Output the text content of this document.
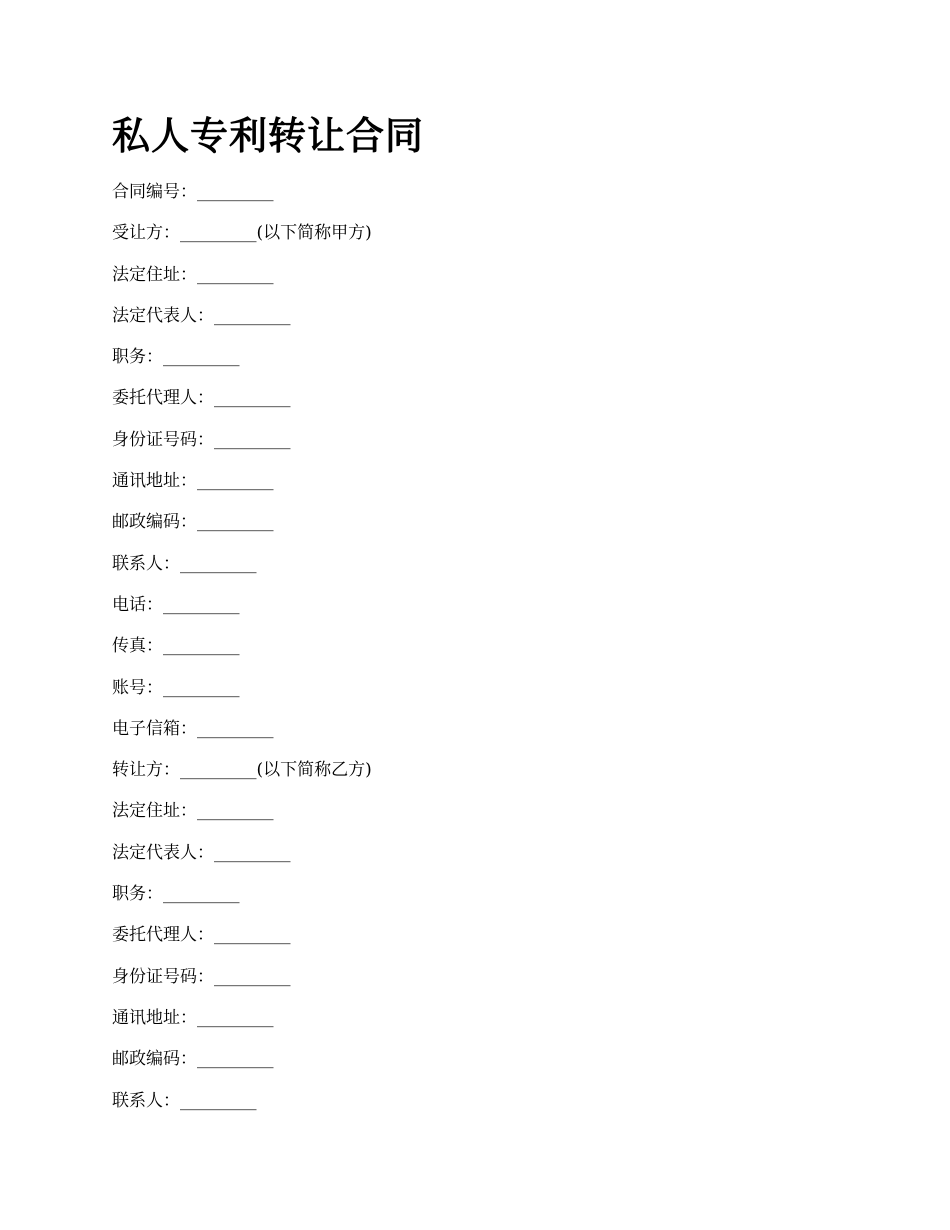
私人专利转让合同
合同编号：_________
受让方：_________(以下简称甲方)
法定住址：_________
法定代表人：_________
职务：_________
委托代理人：_________
身份证号码：_________
通讯地址：_________
邮政编码：_________
联系人：_________
电话：_________
传真：_________
账号：_________
电子信箱：_________
转让方：_________(以下简称乙方)
法定住址：_________
法定代表人：_________
职务：_________
委托代理人：_________
身份证号码：_________
通讯地址：_________
邮政编码：_________
联系人：_________
